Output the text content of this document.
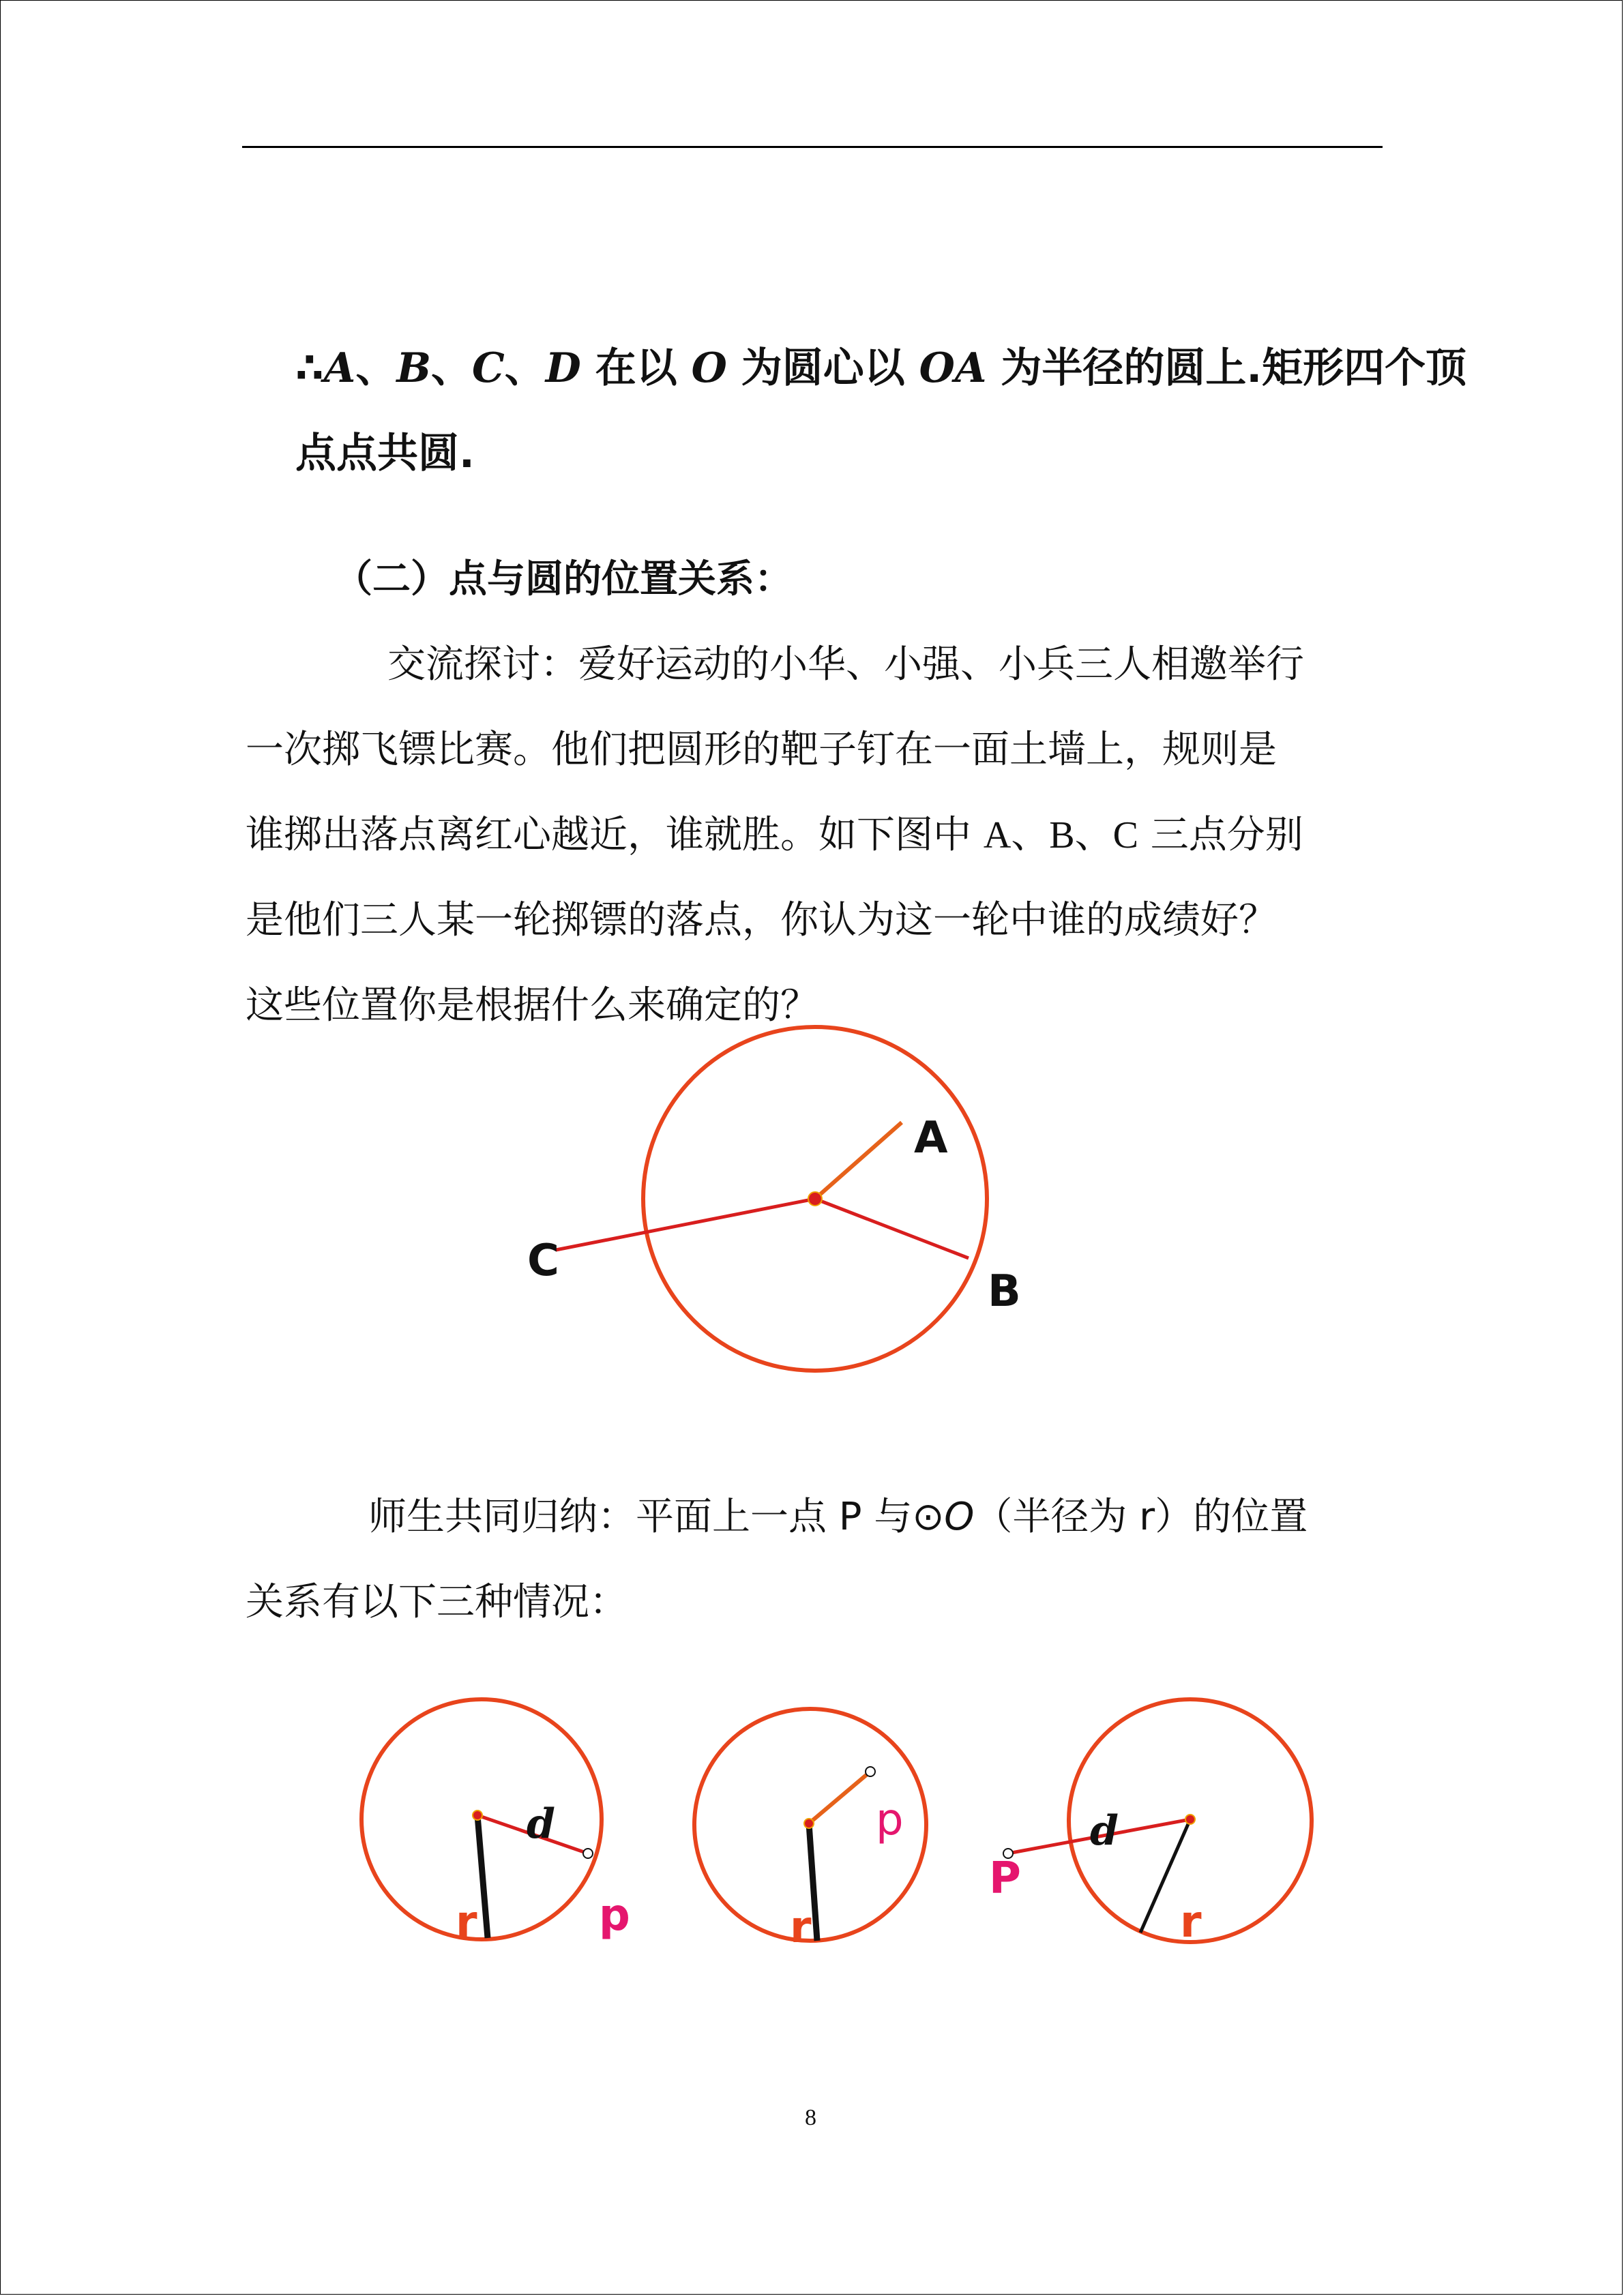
∴A、B、C、D 在以 O 为圆心以 OA 为半径的圆上.矩形四个顶
点点共圆.
（二）点与圆的位置关系：
交流探讨：爱好运动的小华、小强、小兵三人相邀举行
一次掷飞镖比赛。他们把圆形的靶子钉在一面土墙上，规则是
谁掷出落点离红心越近，谁就胜。如下图中 A、B、C 三点分别
是他们三人某一轮掷镖的落点，你认为这一轮中谁的成绩好？
这些位置你是根据什么来确定的？
A
B
C
师生共同归纳：平面上一点 P 与⊙O（半径为 r）的位置
关系有以下三种情况：
d
r	p
p
r
d
P
r
8
